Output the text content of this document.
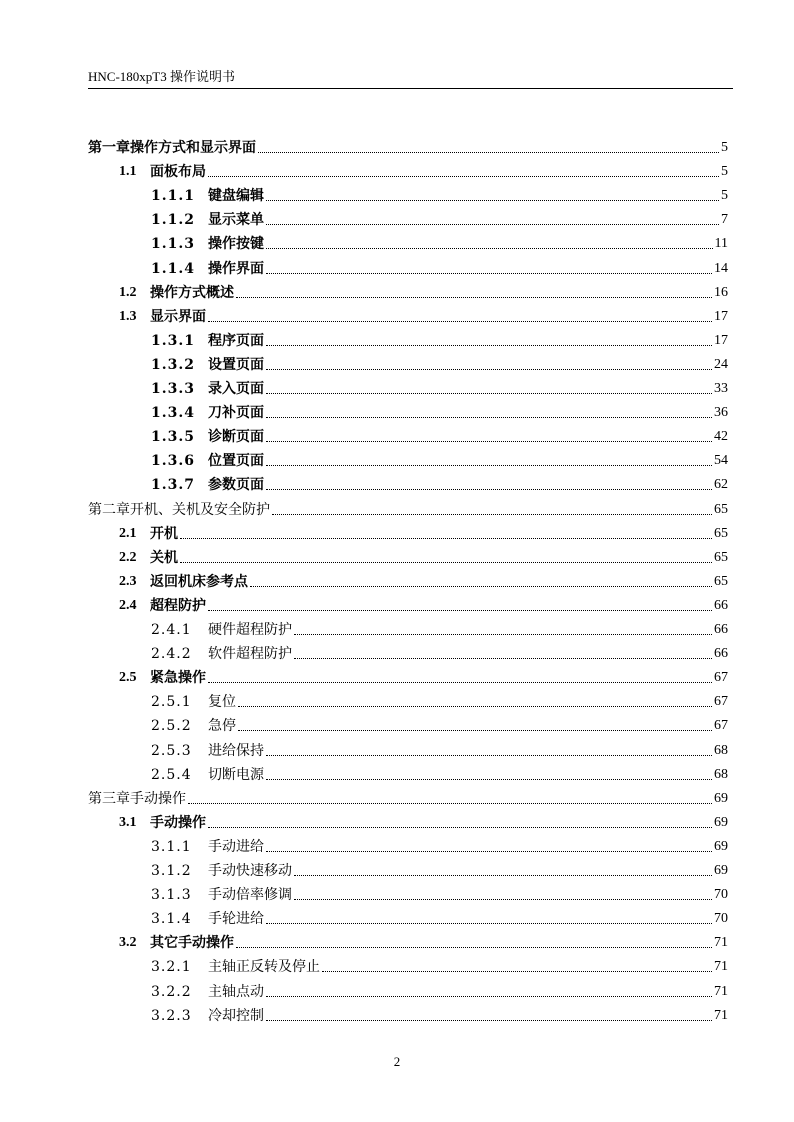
HNC-180xpT3 操作说明书
第一章操作方式和显示界面	5
1.1 面板布局	5
1.1.1 键盘编辑	5
1.1.2 显示菜单	7
1.1.3 操作按键	11
1.1.4 操作界面	14
1.2 操作方式概述	16
1.3 显示界面	17
1.3.1 程序页面	17
1.3.2 设置页面	24
1.3.3 录入页面	33
1.3.4 刀补页面	36
1.3.5 诊断页面	42
1.3.6 位置页面	54
1.3.7 参数页面	62
第二章开机、关机及安全防护	65
2.1 开机	65
2.2 关机	65
2.3 返回机床参考点	65
2.4 超程防护	66
2.4.1	硬件超程防护	66
2.4.2	软件超程防护	66
2.5 紧急操作	67
2.5.1	复位	67
2.5.2	急停	67
2.5.3	进给保持	68
2.5.4	切断电源	68
第三章手动操作	69
3.1 手动操作	69
3.1.1	手动进给	69
3.1.2	手动快速移动	69
3.1.3	手动倍率修调	70
3.1.4	手轮进给	70
3.2 其它手动操作	71
3.2.1	主轴正反转及停止	71
3.2.2	主轴点动	71
3.2.3	冷却控制	71
2
